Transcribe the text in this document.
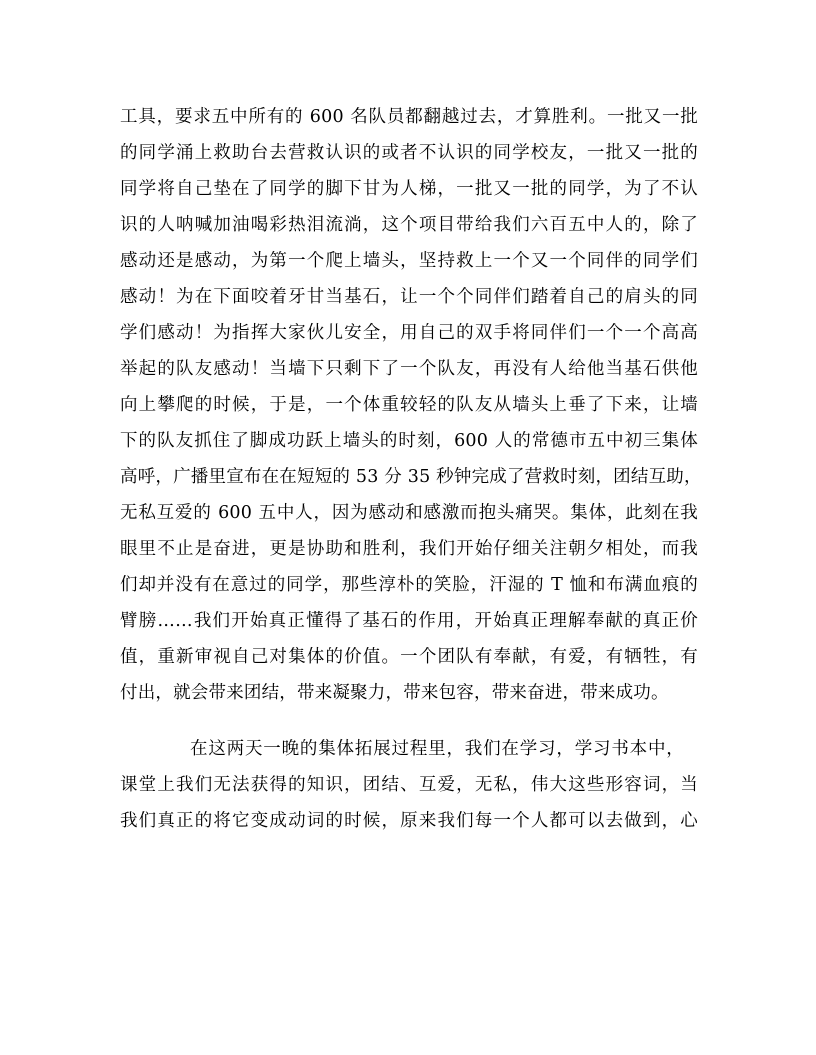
工具，要求五中所有的 600 名队员都翻越过去，才算胜利。一批又一批

的同学涌上救助台去营救认识的或者不认识的同学校友，一批又一批的

同学将自己垫在了同学的脚下甘为人梯，一批又一批的同学，为了不认

识的人呐喊加油喝彩热泪流淌，这个项目带给我们六百五中人的，除了

感动还是感动，为第一个爬上墙头，坚持救上一个又一个同伴的同学们

感动！为在下面咬着牙甘当基石，让一个个同伴们踏着自己的肩头的同

学们感动！为指挥大家伙儿安全，用自己的双手将同伴们一个一个高高

举起的队友感动！当墙下只剩下了一个队友，再没有人给他当基石供他

向上攀爬的时候，于是，一个体重较轻的队友从墙头上垂了下来，让墙

下的队友抓住了脚成功跃上墙头的时刻，600 人的常德市五中初三集体

高呼，广播里宣布在在短短的 53 分 35 秒钟完成了营救时刻，团结互助，

无私互爱的 600 五中人，因为感动和感激而抱头痛哭。集体，此刻在我

眼里不止是奋进，更是协助和胜利，我们开始仔细关注朝夕相处，而我

们却并没有在意过的同学，那些淳朴的笑脸，汗湿的 T 恤和布满血痕的

臂膀……我们开始真正懂得了基石的作用，开始真正理解奉献的真正价

值，重新审视自己对集体的价值。一个团队有奉献，有爱，有牺牲，有

付出，就会带来团结，带来凝聚力，带来包容，带来奋进，带来成功。

在这两天一晚的集体拓展过程里，我们在学习，学习书本中，

课堂上我们无法获得的知识，团结、互爱，无私，伟大这些形容词，当

我们真正的将它变成动词的时候，原来我们每一个人都可以去做到，心
